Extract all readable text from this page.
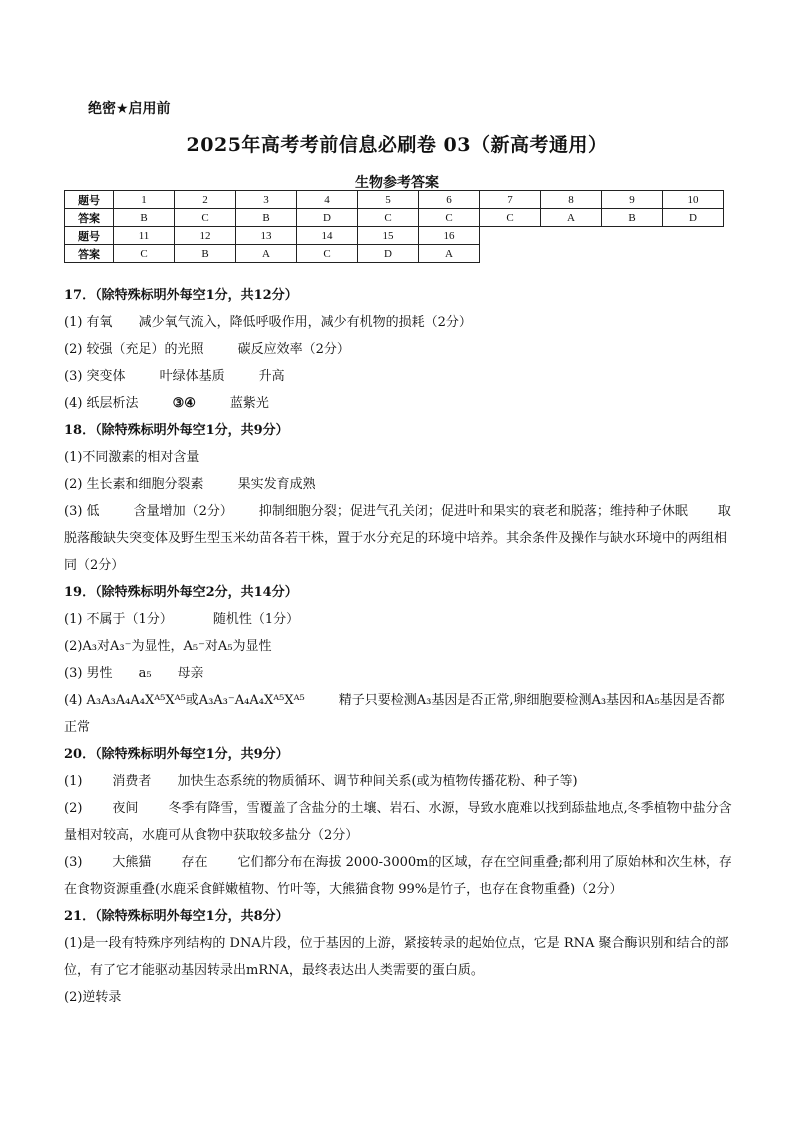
绝密★启用前
2025年高考考前信息必刷卷 03（新高考通用）
生物参考答案
题号	1	2	3	4	5	6	7	8	9	10
答案	B	C	B	D	C	C	C	A	B	D
题号	11	12	13	14	15	16				
答案	C	B	A	C	D	A				
17．（除特殊标明外每空1分，共12分）
(1) 有氧 减少氧气流入，降低呼吸作用，减少有机物的损耗（2分）
(2) 较强（充足）的光照	碳反应效率（2分）
(3) 突变体	叶绿体基质	升高
(4) 纸层析法	③④	蓝紫光
18．（除特殊标明外每空1分，共9分）
(1)不同激素的相对含量
(2) 生长素和细胞分裂素	果实发育成熟
(3) 低	含量增加（2分） 抑制细胞分裂；促进气孔关闭；促进叶和果实的衰老和脱落；维持种子休眠 取脱落酸缺失突变体及野生型玉米幼苗各若干株，置于水分充足的环境中培养。其余条件及操作与缺水环境中的两组相同（2分）
19．（除特殊标明外每空2分，共14分）
(1) 不属于（1分）	随机性（1分）
(2)A₃对A₃⁻为显性，A₅⁻对A₅为显性
(3) 男性 a₅ 母亲
(4) A₃A₃A₄A₄Xᴬ⁵Xᴬ⁵或A₃A₃⁻A₄A₄Xᴬ⁵Xᴬ⁵	精子只要检测A₃基因是否正常,卵细胞要检测A₃基因和A₅基因是否都正常
20．（除特殊标明外每空1分，共9分）
(1) 消费者 加快生态系统的物质循环、调节种间关系(或为植物传播花粉、种子等)
(2) 夜间 冬季有降雪，雪覆盖了含盐分的土壤、岩石、水源，导致水鹿难以找到舔盐地点,冬季植物中盐分含量相对较高，水鹿可从食物中获取较多盐分（2分）
(3) 大熊猫 存在 它们都分布在海拔 2000-3000m的区域，存在空间重叠;都利用了原始林和次生林，存在食物资源重叠(水鹿采食鲜嫩植物、竹叶等，大熊猫食物 99%是竹子，也存在食物重叠)（2分）
21．（除特殊标明外每空1分，共8分）
(1)是一段有特殊序列结构的 DNA片段，位于基因的上游，紧接转录的起始位点，它是 RNA 聚合酶识别和结合的部位，有了它才能驱动基因转录出mRNA，最终表达出人类需要的蛋白质。
(2)逆转录
